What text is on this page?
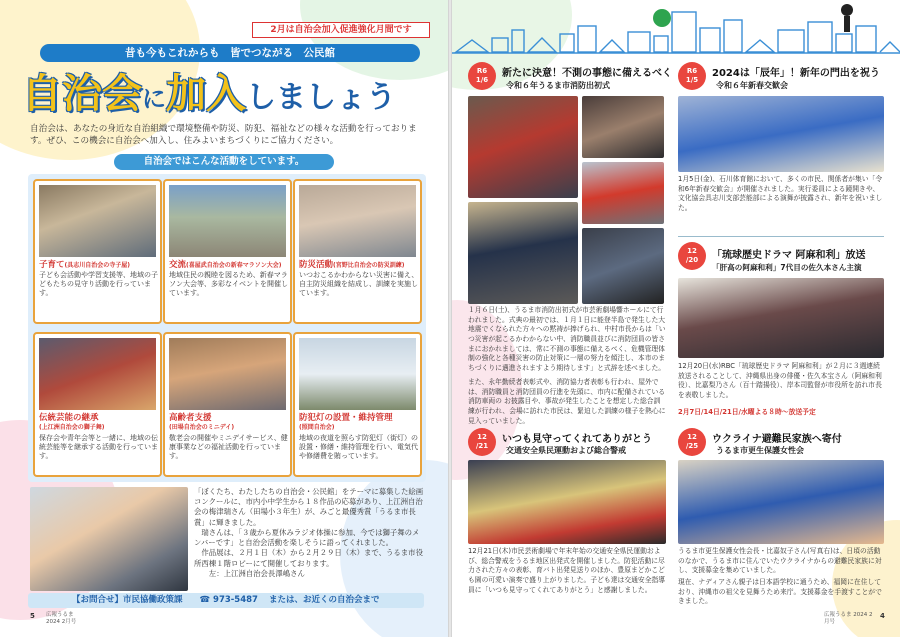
2月は自治会加入促進強化月間です
昔も今もこれからも　皆でつながる　公民館
自治会に加入しましょう
自治会は、あなたの身近な自治組織で環境整備や防災、防犯、福祉などの様々な活動を行っております。ぜひ、この機会に自治会へ加入し、住みよいまちづくりにご協力ください。
自治会ではこんな活動をしています。
子育て(具志川自治会の寺子屋)
子ども会活動や学習支援等、地域の子どもたちの見守り活動を行っています。
交流(喜屋武自治会の新春マラソン大会)
地域住民の親睦を図るため、新春マラソン大会等、多彩なイベントを開催しています。
防災活動(宮野比自治会の防災訓練)
いつおこるかわからない災害に備え、自主防災組織を結成し、訓練を実施しています。
伝統芸能の継承
(上江洲自治会の獅子舞)
保存会や青年会等と一緒に、地域の伝統芸能等を継承する活動を行っています。
高齢者支援
(田場自治会のミニデイ)
敬老会の開催やミニデイサービス、健康事業などの福祉活動を行っています。
防犯灯の設置・維持管理
(照間自治会)
地域の夜道を照らす防犯灯（街灯）の設置・修繕・維持管理を行い、電気代や修繕費を賄っています。

「ぼくたち、わたしたちの自治会・公民館」をテーマに募集した絵画コンクールに、市内小中学生から１８作品の応募があり、上江洲自治会の梅津瑞さん（田場小３年生）が、みごと最優秀賞「うるま市長賞」に輝きました。

瑞さんは、「３歳から夏休みラジオ体操に参加、今では獅子舞のメンバーです」と自治会活動を楽しそうに語ってくれました。

作品展は、２月１日（木）から２月２９日（木）まで、うるま市役所西棟１階ロビーにて開催しております。

左：上江洲自治会長澤嶋さん

【お問合せ】市民協働政策課 ☎ 973-5487 または、お近くの自治会まで
5 広報うるま 2024 2月号
R6
1/6
新たに決意！不測の事態に備えるべく
令和６年うるま市消防出初式
１月６日(土)、うるま市消防出初式が市芸術劇場響ホールにて行われました。式典の最初では、１月１日に能登半島で発生した大地震でくなられた方々への黙祷が捧げられ、中村市長からは「いつ災害が起こるかわからない中、消防職員並びに消防団員の皆さまにおかれましては、常に不測の事態に備えるべく、危機管理体制の強化と各種災害の防止対策に一層の努力を傾注し、本市のまちづくりに邁進されますよう期待します」と式辞を述べました。
また、永年勤続者表彰式や、消防協力者表彰も行われ、屋外では、消防職員と消防団員の行進を先頭に、市内に配備されている消防車両の お披露目や、事故が発生したことを想定した総合訓練が行われ、会場に訪れた市民は、緊迫した訓練の様子を熱心に見入っていました。
R6
1/5
2024は「辰年」！新年の門出を祝う
令和６年新春交歓会
1月5日(金)、石川体育館において、多くの市民、関係者が集い「令和6年新春交歓会」が開催されました。実行委員による鏡開きや、文化協会具志川支部芸能部による演舞が披露され、新年を祝いました。
12
/20	「琉球歴史ドラマ 阿麻和利」放送
「肝高の阿麻和利」7代目の佐久本さん主演
12月20日(水)RBC「琉球歴史ドラマ 阿麻和利」が２月に３週連続放送されることして、沖縄県出身の俳優・佐久本宝さん（阿麻和利役）、比嘉梨乃さん（百十踏揚役）、岸本司監督が市役所を訪れ市長を表敬しました。
2月7日/14日/21日/水曜よる８時〜放送予定
12
/21
いつも見守ってくれてありがとう
交通安全県民運動および総合警戒
12月21日(木)市民芸術劇場で年末年始の交通安全県民運動および、総合警戒をうるま地区出発式を開催しました。防犯活動に尽力された方々の表彰、育バト出発見送りのほか、豊原まどかこども園の可愛い演奏で盛り上がりました。子ども達は交通安全指導員に「いつも見守ってくれてありがとう」と感謝しました。
12
/25
ウクライナ避難民家族へ寄付
うるま市更生保護女性会
うるま市更生保護女性会長・比嘉奴子さん(写真右)は、日頃の活動のなかで、うるま市に住んでいたウクライナからの避難民家族に対し、支援募金を集めていました。
現在、ナディアさん親子は日本語学校に通うため、福岡に在住しており、沖縄市の祖父を見舞うため来庁。支援募金を手渡すことができました。
広報うるま 2024 2月号
4
